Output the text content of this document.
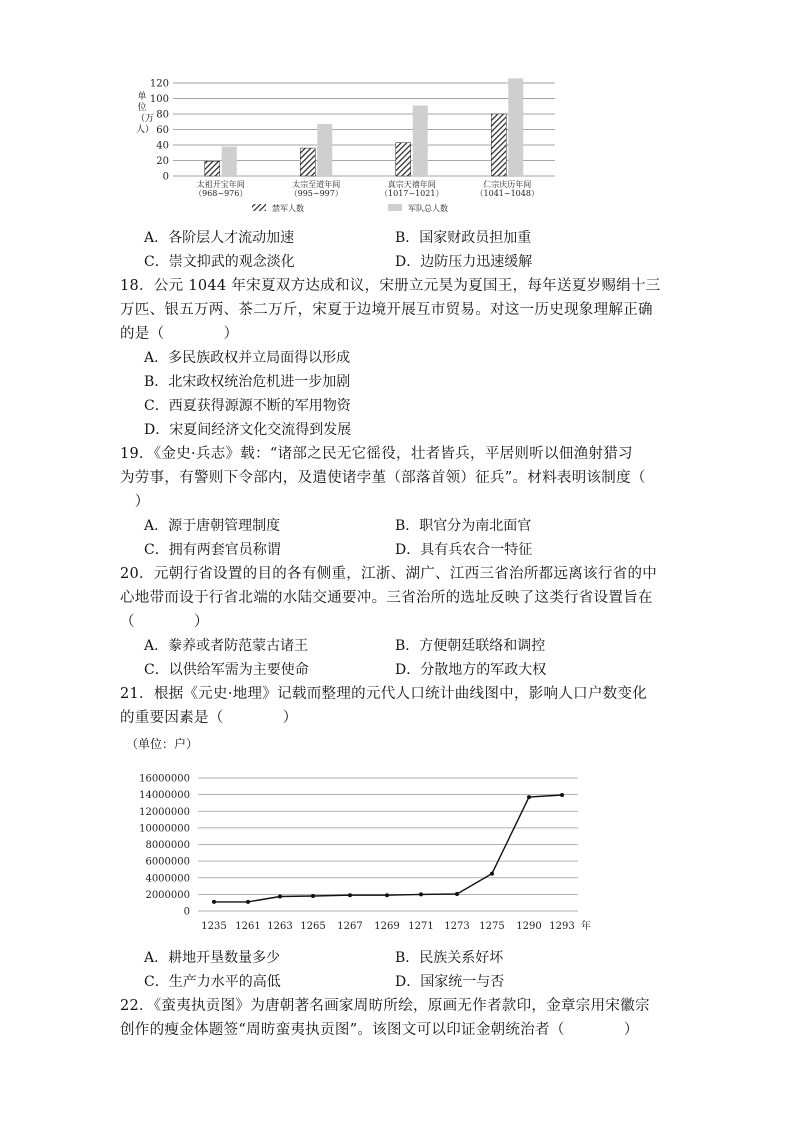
0
20
40
60
80
100
120
太祖开宝年间
（968~976）
太宗至道年间
（995~997）
真宗天禧年间
（1017~1021）
仁宗庆历年间
（1041~1048）
禁军人数	军队总人数
单位（万人）
A．各阶层人才流动加速	B．国家财政员担加重
C．崇文抑武的观念淡化	D．边防压力迅速缓解
18．公元 1044 年宋夏双方达成和议，宋册立元昊为夏国王，每年送夏岁赐绢十三
万匹、银五万两、茶二万斤，宋夏于边境开展互市贸易。对这一历史现象理解正确
的是（　　　　）
A．多民族政权并立局面得以形成
B．北宋政权统治危机进一步加剧
C．西夏获得源源不断的军用物资
D．宋夏间经济文化交流得到发展
19．《金史·兵志》载：“诸部之民无它徭役，壮者皆兵，平居则听以佃渔射猎习
为劳事，有警则下令部内，及遣使诸孛堇（部落首领）征兵”。材料表明该制度（
　）
A．源于唐朝管理制度	B．职官分为南北面官
C．拥有两套官员称谓	D．具有兵农合一特征
20．元朝行省设置的目的各有侧重，江浙、湖广、江西三省治所都远离该行省的中
心地带而设于行省北端的水陆交通要冲。三省治所的选址反映了这类行省设置旨在
（　　　　）
A．豢养或者防范蒙古诸王	B．方便朝廷联络和调控
C．以供给军需为主要使命	D．分散地方的军政大权
21．根据《元史·地理》记载而整理的元代人口统计曲线图中，影响人口户数变化
的重要因素是（　　　　）
（单位：户）
0
2000000
4000000
6000000
8000000
10000000
12000000
14000000
16000000
1235 1261 1263 1265 1267 1269 1271 1273 1275 1290 1293 年
A．耕地开垦数量多少	B．民族关系好坏
C．生产力水平的高低	D．国家统一与否
22．《蛮夷执贡图》为唐朝著名画家周昉所绘，原画无作者款印，金章宗用宋徽宗
创作的瘦金体题签“周昉蛮夷执贡图”。该图文可以印证金朝统治者（　　　　）
